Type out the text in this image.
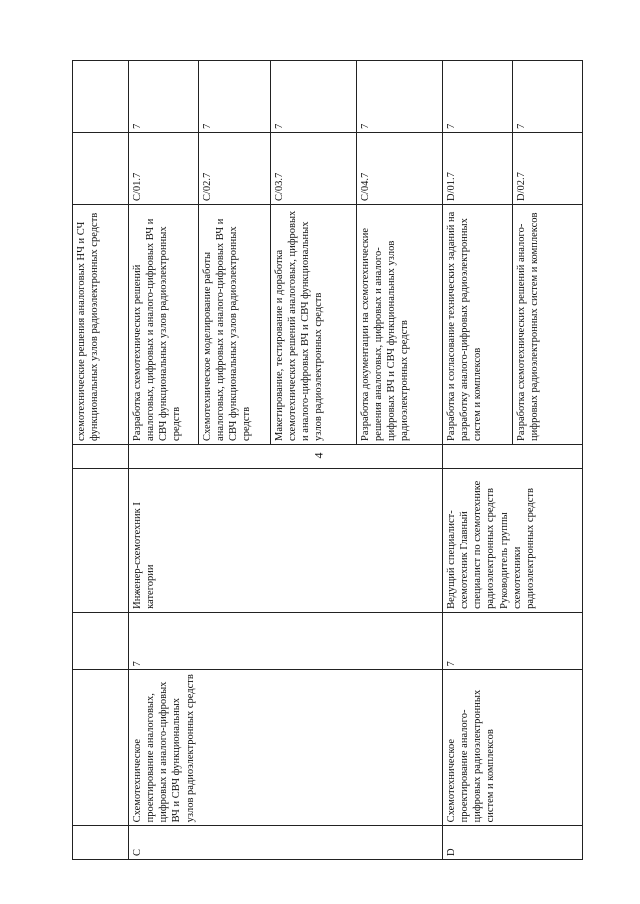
4
					схемотехнические решения аналоговых НЧ и СЧ функциональных узлов радиоэлектронных средств		
C	Схемотехническое проектирование аналоговых, цифровых и аналого-цифровых ВЧ и СВЧ функциональных узлов радиоэлектронных средств	7	Инженер-схемотехник I категории		Разработка схемотехнических решений аналоговых, цифровых и аналого-цифровых ВЧ и СВЧ функциональных узлов радиоэлектронных средств	C/01.7	7
					Схемотехническое моделирование работы аналоговых, цифровых и аналого-цифровых ВЧ и СВЧ функциональных узлов радиоэлектронных средств	C/02.7	7
					Макетирование, тестирование и доработка схемотехнических решений аналоговых, цифровых и аналого-цифровых ВЧ и СВЧ функциональных узлов радиоэлектронных средств	C/03.7	7
					Разработка документации на схемотехнические решения аналоговых, цифровых и аналого-цифровых ВЧ и СВЧ функциональных узлов радиоэлектронных средств	C/04.7	7
D	Схемотехническое проектирование аналого-цифровых радиоэлектронных систем и комплексов	7	Ведущий специалист-схемотехник Главный специалист по схемотехнике радиоэлектронных средств Руководитель группы схемотехники радиоэлектронных средств		Разработка и согласование технических заданий на разработку аналого-цифровых радиоэлектронных систем и комплексов	D/01.7	7
					Разработка схемотехнических решений аналого-цифровых радиоэлектронных систем и комплексов	D/02.7	7
